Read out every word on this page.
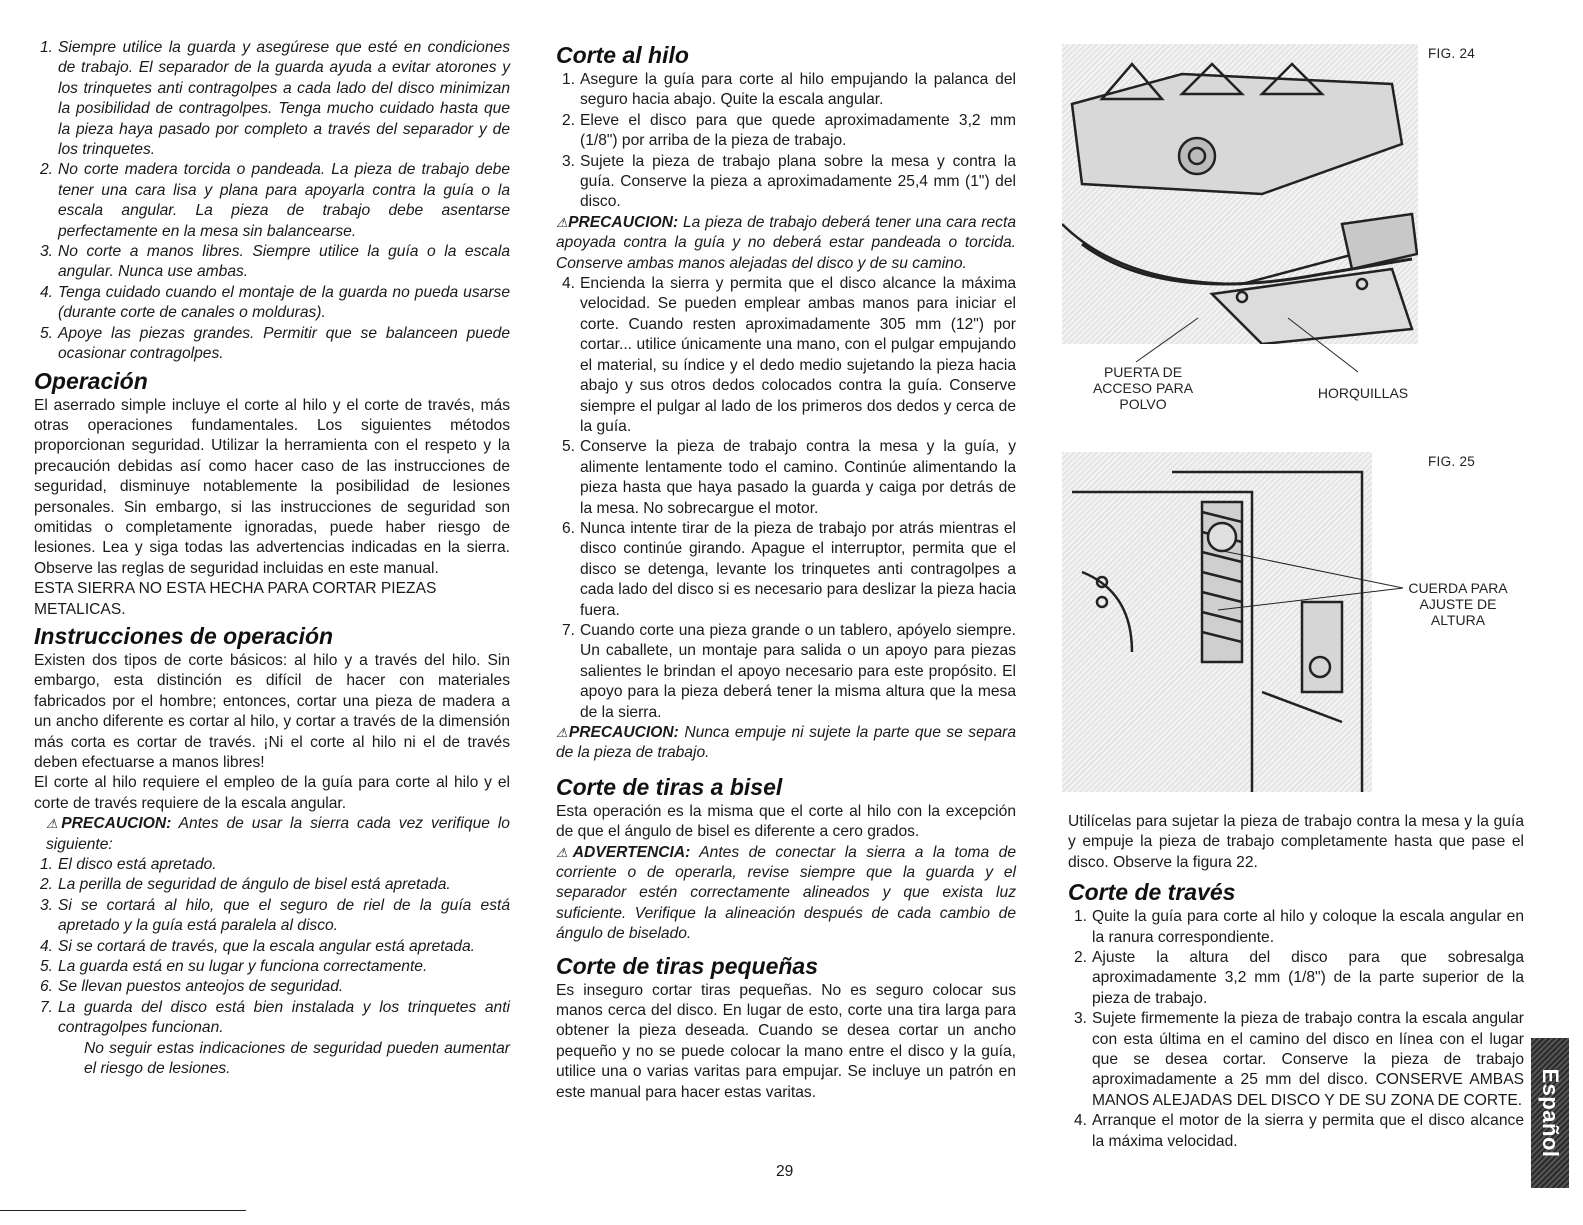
1. Siempre utilice la guarda y asegúrese que esté en condiciones de trabajo. El separador de la guarda ayuda a evitar atorones y los trinquetes anti contragolpes a cada lado del disco minimizan la posibilidad de contragolpes. Tenga mucho cuidado hasta que la pieza haya pasado por completo a través del separador y de los trinquetes.

2. No corte madera torcida o pandeada. La pieza de trabajo debe tener una cara lisa y plana para apoyarla contra la guía o la escala angular. La pieza de trabajo debe asentarse perfectamente en la mesa sin balancearse.

3. No corte a manos libres. Siempre utilice la guía o la escala angular. Nunca use ambas.

4. Tenga cuidado cuando el montaje de la guarda no pueda usarse (durante corte de canales o molduras).

5. Apoye las piezas grandes. Permitir que se balanceen puede ocasionar contragolpes.

Operación

El aserrado simple incluye el corte al hilo y el corte de través, más otras operaciones fundamentales. Los siguientes métodos proporcionan seguridad. Utilizar la herramienta con el respeto y la precaución debidas así como hacer caso de las instrucciones de seguridad, disminuye notablemente la posibilidad de lesiones personales. Sin embargo, si las instrucciones de seguridad son omitidas o completamente ignoradas, puede haber riesgo de lesiones. Lea y siga todas las advertencias indicadas en la sierra. Observe las reglas de seguridad incluidas en este manual.

ESTA SIERRA NO ESTA HECHA PARA CORTAR PIEZAS METALICAS.

Instrucciones de operación

Existen dos tipos de corte básicos: al hilo y a través del hilo. Sin embargo, esta distinción es difícil de hacer con materiales fabricados por el hombre; entonces, cortar una pieza de madera a un ancho diferente es cortar al hilo, y cortar a través de la dimensión más corta es cortar de través. ¡Ni el corte al hilo ni el de través deben efectuarse a manos libres!

El corte al hilo requiere el empleo de la guía para corte al hilo y el corte de través requiere de la escala angular.

⚠PRECAUCION: Antes de usar la sierra cada vez verifique lo siguiente:

1. El disco está apretado.

2. La perilla de seguridad de ángulo de bisel está apretada.

3. Si se cortará al hilo, que el seguro de riel de la guía está apretado y la guía está paralela al disco.

4. Si se cortará de través, que la escala angular está apretada.

5. La guarda está en su lugar y funciona correctamente.

6. Se llevan puestos anteojos de seguridad.

7. La guarda del disco está bien instalada y los trinquetes anti contragolpes funcionan.

No seguir estas indicaciones de seguridad pueden aumentar el riesgo de lesiones.

Corte al hilo
1. Asegure la guía para corte al hilo empujando la palanca del seguro hacia abajo. Quite la escala angular.

2. Eleve el disco para que quede aproximadamente 3,2 mm (1/8") por arriba de la pieza de trabajo.

3. Sujete la pieza de trabajo plana sobre la mesa y contra la guía. Conserve la pieza a aproximadamente 25,4 mm (1") del disco.

⚠PRECAUCION: La pieza de trabajo deberá tener una cara recta apoyada contra la guía y no deberá estar pandeada o torcida. Conserve ambas manos alejadas del disco y de su camino.

4. Encienda la sierra y permita que el disco alcance la máxima velocidad. Se pueden emplear ambas manos para iniciar el corte. Cuando resten aproximadamente 305 mm (12") por cortar... utilice únicamente una mano, con el pulgar empujando el material, su índice y el dedo medio sujetando la pieza hacia abajo y sus otros dedos colocados contra la guía. Conserve siempre el pulgar al lado de los primeros dos dedos y cerca de la guía.

5. Conserve la pieza de trabajo contra la mesa y la guía, y alimente lentamente todo el camino. Continúe alimentando la pieza hasta que haya pasado la guarda y caiga por detrás de la mesa. No sobrecargue el motor.

6. Nunca intente tirar de la pieza de trabajo por atrás mientras el disco continúe girando. Apague el interruptor, permita que el disco se detenga, levante los trinquetes anti contragolpes a cada lado del disco si es necesario para deslizar la pieza hacia fuera.

7. Cuando corte una pieza grande o un tablero, apóyelo siempre. Un caballete, un montaje para salida o un apoyo para piezas salientes le brindan el apoyo necesario para este propósito. El apoyo para la pieza deberá tener la misma altura que la mesa de la sierra.

⚠PRECAUCION: Nunca empuje ni sujete la parte que se separa de la pieza de trabajo.

Corte de tiras a bisel

Esta operación es la misma que el corte al hilo con la excepción de que el ángulo de bisel es diferente a cero grados.

⚠ADVERTENCIA: Antes de conectar la sierra a la toma de corriente o de operarla, revise siempre que la guarda y el separador estén correctamente alineados y que exista luz suficiente. Verifique la alineación después de cada cambio de ángulo de biselado.

Corte de tiras pequeñas

Es inseguro cortar tiras pequeñas. No es seguro colocar sus manos cerca del disco. En lugar de esto, corte una tira larga para obtener la pieza deseada. Cuando se desea cortar un ancho pequeño y no se puede colocar la mano entre el disco y la guía, utilice una o varias varitas para empujar. Se incluye un patrón en este manual para hacer estas varitas.

FIG. 24
PUERTA DE
ACCESO PARA
POLVO
HORQUILLAS
FIG. 25
CUERDA PARA
AJUSTE DE
ALTURA

Utilícelas para sujetar la pieza de trabajo contra la mesa y la guía y empuje la pieza de trabajo completamente hasta que pase el disco. Observe la figura 22.

Corte de través
1. Quite la guía para corte al hilo y coloque la escala angular en la ranura correspondiente.

2. Ajuste la altura del disco para que sobresalga aproximadamente 3,2 mm (1/8") de la parte superior de la pieza de trabajo.

3. Sujete firmemente la pieza de trabajo contra la escala angular con esta última en el camino del disco en línea con el lugar que se desea cortar. Conserve la pieza de trabajo aproximadamente a 25 mm del disco. CONSERVE AMBAS MANOS ALEJADAS DEL DISCO Y DE SU ZONA DE CORTE.

4. Arranque el motor de la sierra y permita que el disco alcance la máxima velocidad.

29
Español
